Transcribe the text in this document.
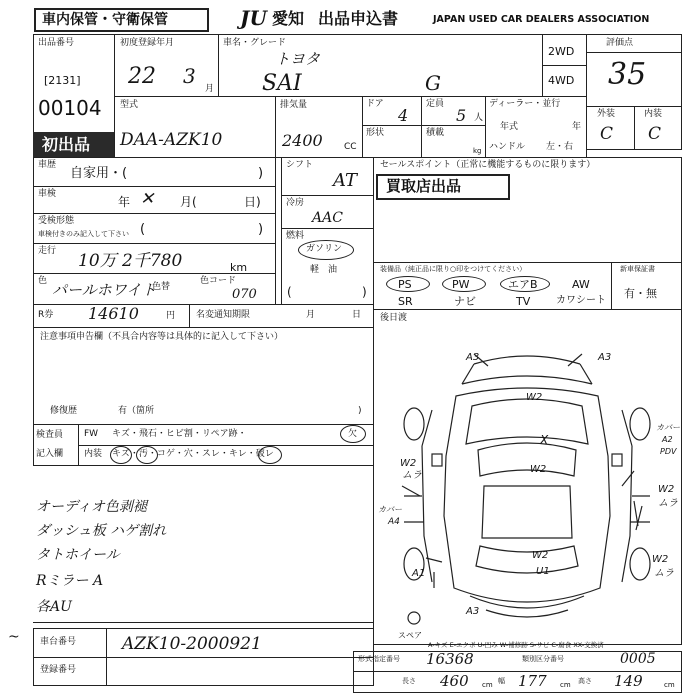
車内保管・守衛保管	JU 愛知 出品申込書	JAPAN USED CAR DEALERS ASSOCIATION
出品番号
[2131]
00104
初出品
初度登録年月
22 3
月
車名・グレード
トヨタ
SAI	G
2WD
4WD
評価点
35
外装	内装
C C
型式
DAA-AZK10
排気量
2400 CC
ドア
4
定員
5 人
形状	積載
kg
ディーラー・並行
年式	年
ハンドル 左・右
車歴
自家用・(	)
車検
年 ✕ 月(	日)
受検形態
車検付きのみ記入して下さい (	)
走行 10万 2千780	km
色 パールホワイト
色替
色コード
070
シフト
AT
冷房
AAC
燃料
ガソリン
軽　油
(	)
R券 14610	円 名変通知期限	月	日
セールスポイント（正常に機能するものに限ります）
買取店出品
装備品（純正品に限り○印をつけてください）
PS	PW	エアB	AW
SR	ナビ	TV	カワシート
新車保証書
有・無
後日渡
注意事項申告欄（不具合内容等は具体的に記入して下さい）
修復歴	有（箇所	)
検査員
記入欄
FW キズ・飛石・ヒビ割・リペア跡・	欠
内装 キズ・汚・コゲ・穴・スレ・キレ・破レ
オーディオ色剥褪
ダッシュ板 ハゲ割れ
タトホイール
Rミラー A
各AU
A3	A3
W2
X
W2
W2
ムラ
カバー
A2
PDV
W2
ムラ
カバー
A4
W2
U1
A1
A3
W2
ムラ
スペア
A-キズ E-エクボ U-凹み W-補修跡 S-サビ C-腐食 XX-交換済
車台番号	AZK10-2000921
登録番号
~
形式指定番号 16368	類別区分番号	0005
長さ 460 cm 幅 177 cm 高さ 149	cm
